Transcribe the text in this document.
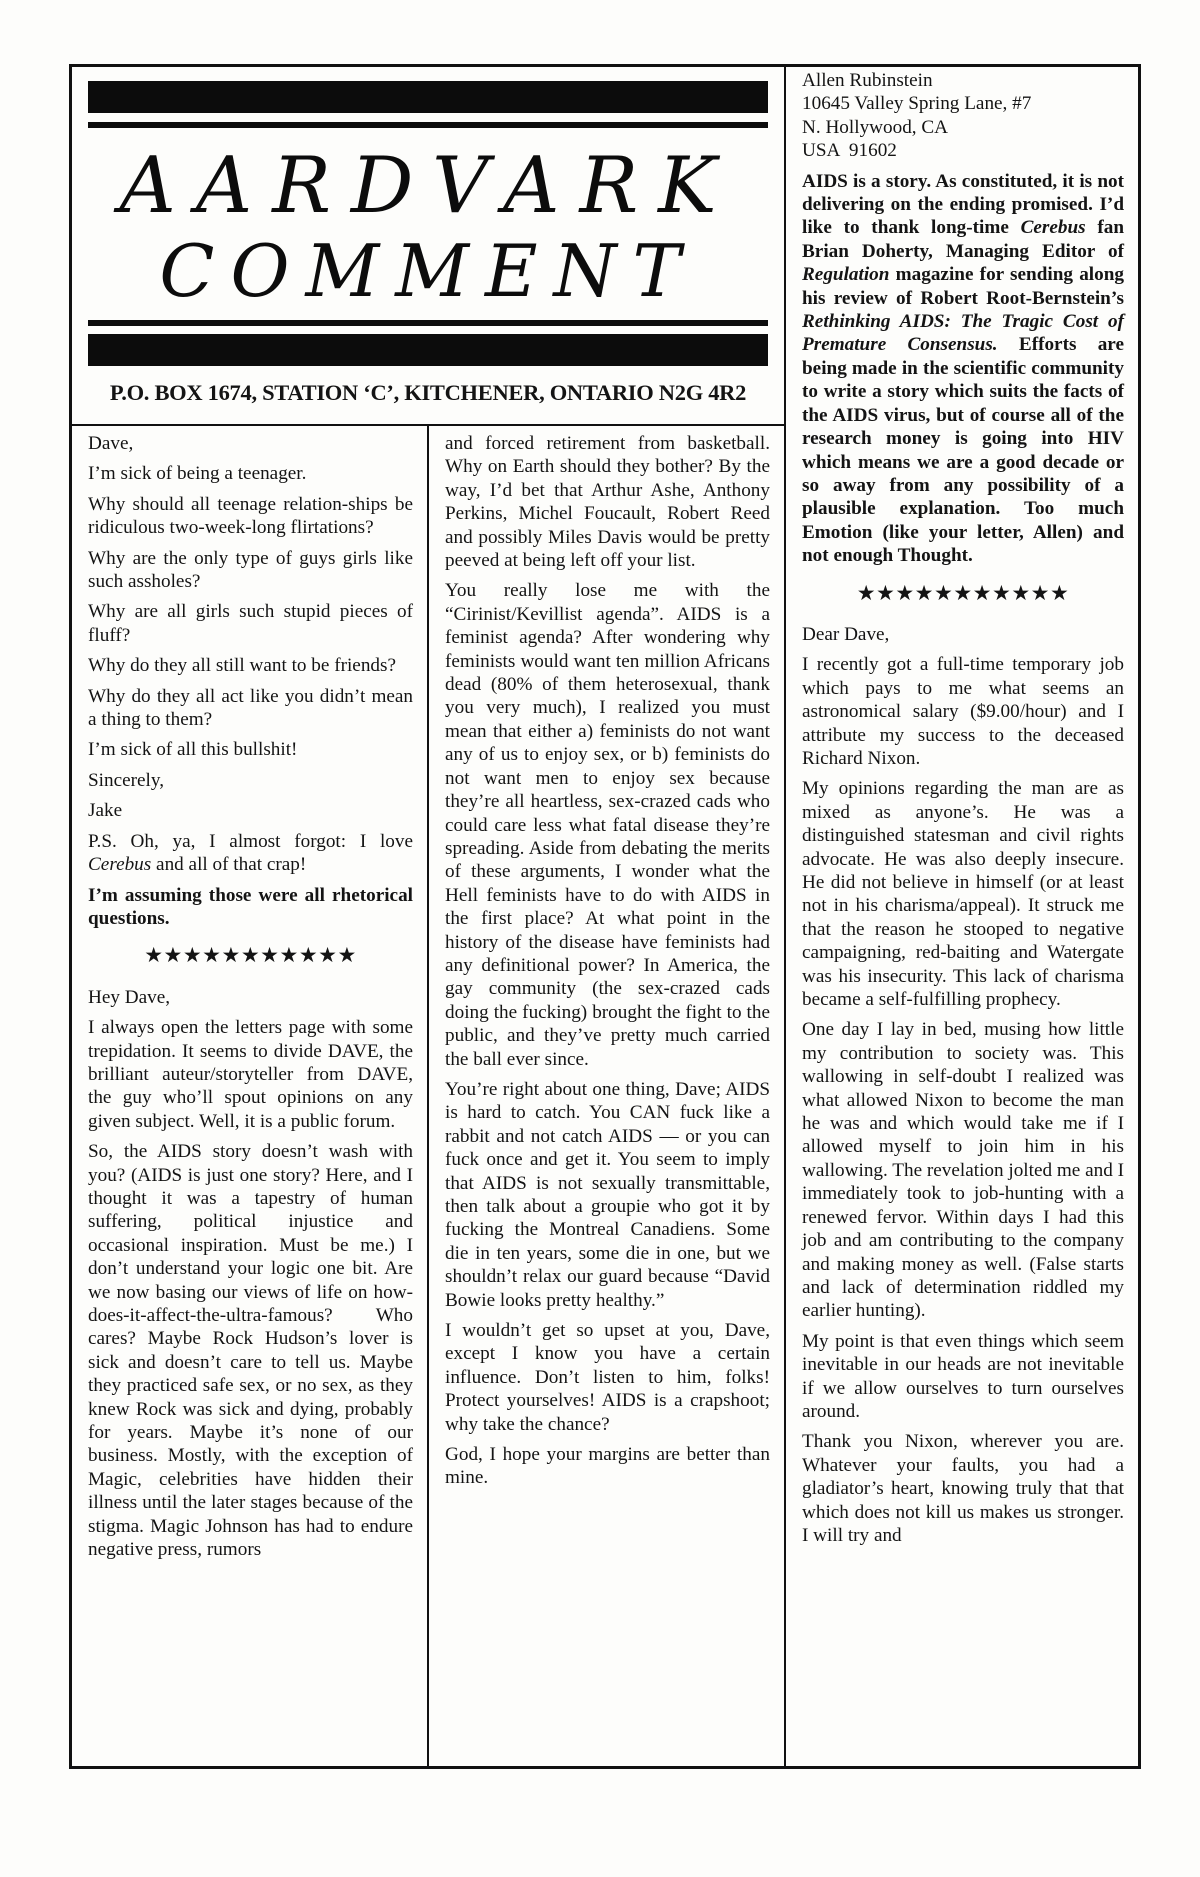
AARDVARK
COMMENT
P.O. BOX 1674, STATION ‘C’, KITCHENER, ONTARIO N2G 4R2

Dave,

I’m sick of being a teenager.

Why should all teenage relation-ships be ridiculous two-week-long flirtations?

Why are the only type of guys girls like such assholes?

Why are all girls such stupid pieces of fluff?

Why do they all still want to be friends?

Why do they all act like you didn’t mean a thing to them?

I’m sick of all this bullshit!

Sincerely,

Jake

P.S. Oh, ya, I almost forgot: I love Cerebus and all of that crap!

I’m assuming those were all rhetorical questions.

★★★★★★★★★★★

Hey Dave,

I always open the letters page with some trepidation. It seems to divide DAVE, the brilliant auteur/storyteller from DAVE, the guy who’ll spout opinions on any given subject. Well, it is a public forum.

So, the AIDS story doesn’t wash with you? (AIDS is just one story? Here, and I thought it was a tapestry of human suffering, political injustice and occasional inspiration. Must be me.) I don’t understand your logic one bit. Are we now basing our views of life on how-does-it-affect-the-ultra-famous? Who cares? Maybe Rock Hudson’s lover is sick and doesn’t care to tell us. Maybe they practiced safe sex, or no sex, as they knew Rock was sick and dying, probably for years. Maybe it’s none of our business. Mostly, with the exception of Magic, celebrities have hidden their illness until the later stages because of the stigma. Magic Johnson has had to endure negative press, rumors

and forced retirement from basketball. Why on Earth should they bother? By the way, I’d bet that Arthur Ashe, Anthony Perkins, Michel Foucault, Robert Reed and possibly Miles Davis would be pretty peeved at being left off your list.

You really lose me with the “Cirinist/Kevillist agenda”. AIDS is a feminist agenda? After wondering why feminists would want ten million Africans dead (80% of them heterosexual, thank you very much), I realized you must mean that either a) feminists do not want any of us to enjoy sex, or b) feminists do not want men to enjoy sex because they’re all heartless, sex-crazed cads who could care less what fatal disease they’re spreading. Aside from debating the merits of these arguments, I wonder what the Hell feminists have to do with AIDS in the first place? At what point in the history of the disease have feminists had any definitional power? In America, the gay community (the sex-crazed cads doing the fucking) brought the fight to the public, and they’ve pretty much carried the ball ever since.

You’re right about one thing, Dave; AIDS is hard to catch. You CAN fuck like a rabbit and not catch AIDS — or you can fuck once and get it. You seem to imply that AIDS is not sexually transmittable, then talk about a groupie who got it by fucking the Montreal Canadiens. Some die in ten years, some die in one, but we shouldn’t relax our guard because “David Bowie looks pretty healthy.”

I wouldn’t get so upset at you, Dave, except I know you have a certain influence. Don’t listen to him, folks! Protect yourselves! AIDS is a crapshoot; why take the chance?

God, I hope your margins are better than mine.

Allen Rubinstein

10645 Valley Spring Lane, #7

N. Hollywood, CA

USA  91602

AIDS is a story. As constituted, it is not delivering on the ending promised. I’d like to thank long-time Cerebus fan Brian Doherty, Managing Editor of Regulation magazine for sending along his review of Robert Root-Bernstein’s Rethinking AIDS: The Tragic Cost of Premature Consensus. Efforts are being made in the scientific community to write a story which suits the facts of the AIDS virus, but of course all of the research money is going into HIV which means we are a good decade or so away from any possibility of a plausible explanation. Too much Emotion (like your letter, Allen) and not enough Thought.

★★★★★★★★★★★

Dear Dave,

I recently got a full-time temporary job which pays to me what seems an astronomical salary ($9.00/hour) and I attribute my success to the deceased Richard Nixon.

My opinions regarding the man are as mixed as anyone’s. He was a distinguished statesman and civil rights advocate. He was also deeply insecure. He did not believe in himself (or at least not in his charisma/appeal). It struck me that the reason he stooped to negative campaigning, red-baiting and Watergate was his insecurity. This lack of charisma became a self-fulfilling prophecy.

One day I lay in bed, musing how little my contribution to society was. This wallowing in self-doubt I realized was what allowed Nixon to become the man he was and which would take me if I allowed myself to join him in his wallowing. The revelation jolted me and I immediately took to job-hunting with a renewed fervor. Within days I had this job and am contributing to the company and making money as well. (False starts and lack of determination riddled my earlier hunting).

My point is that even things which seem inevitable in our heads are not inevitable if we allow ourselves to turn ourselves around.

Thank you Nixon, wherever you are. Whatever your faults, you had a gladiator’s heart, knowing truly that that which does not kill us makes us stronger. I will try and
